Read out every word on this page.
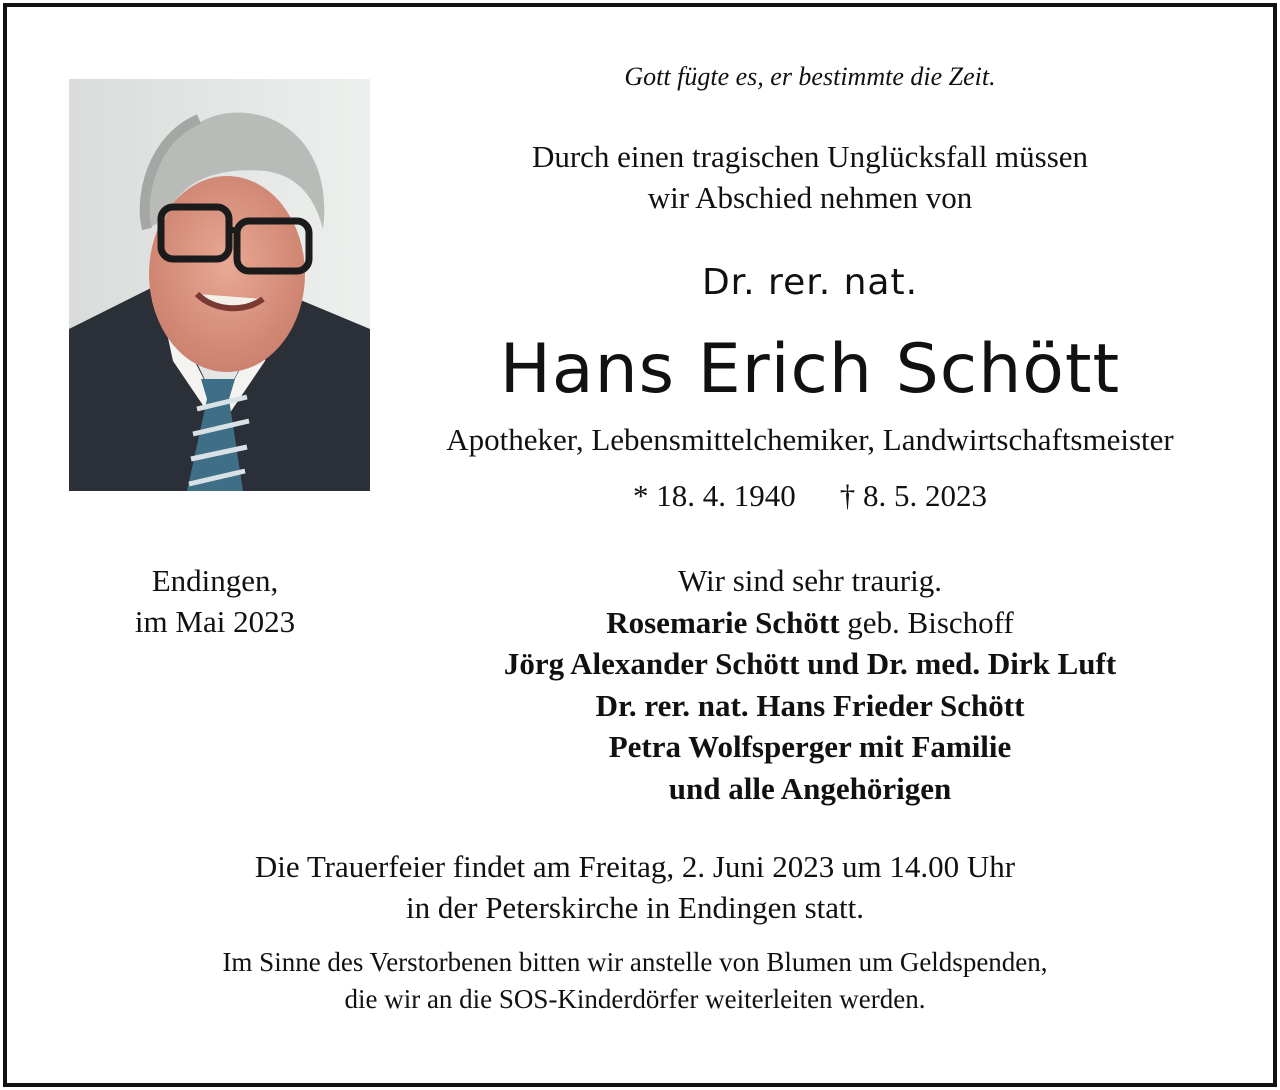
Gott fügte es, er bestimmte die Zeit.
Durch einen tragischen Unglücksfall müssen
wir Abschied nehmen von
Dr. rer. nat.
Hans Erich Schött
Apotheker, Lebensmittelchemiker, Landwirtschaftsmeister
* 18. 4. 1940 † 8. 5. 2023
Endingen,
im Mai 2023
Wir sind sehr traurig.
Rosemarie Schött geb. Bischoff
Jörg Alexander Schött und Dr. med. Dirk Luft
Dr. rer. nat. Hans Frieder Schött
Petra Wolfsperger mit Familie
und alle Angehörigen
Die Trauerfeier findet am Freitag, 2. Juni 2023 um 14.00 Uhr
in der Peterskirche in Endingen statt.
Im Sinne des Verstorbenen bitten wir anstelle von Blumen um Geldspenden,
die wir an die SOS-Kinderdörfer weiterleiten werden.
